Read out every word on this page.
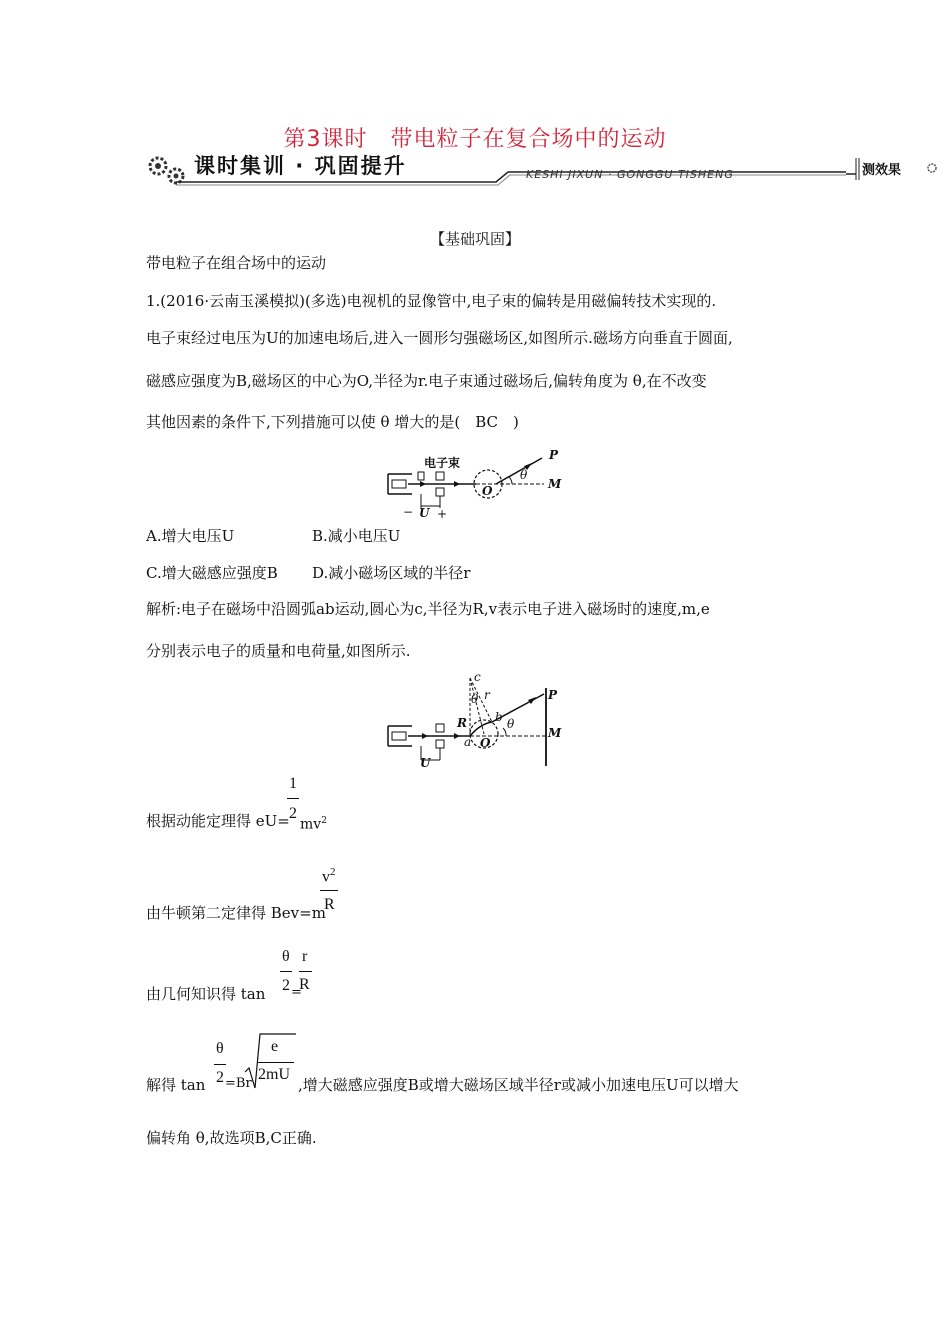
第3课时　带电粒子在复合场中的运动
课时集训 · 巩固提升	KESHI JIXUN · GONGGU TISHENG	测效果
【基础巩固】
带电粒子在组合场中的运动
1.(2016·云南玉溪模拟)(多选)电视机的显像管中,电子束的偏转是用磁偏转技术实现的.
电子束经过电压为U的加速电场后,进入一圆形匀强磁场区,如图所示.磁场方向垂直于圆面,
磁感应强度为B,磁场区的中心为O,半径为r.电子束通过磁场后,偏转角度为 θ,在不改变
其他因素的条件下,下列措施可以使 θ 增大的是(　BC　)
电子束
P
M
O
θ
U
− +
A.增大电压U	B.减小电压U
C.增大磁感应强度B D.减小磁场区域的半径r
解析:电子在磁场中沿圆弧ab运动,圆心为c,半径为R,v表示电子进入磁场时的速度,m,e
分别表示电子的质量和电荷量,如图所示.
c
r
θ
R b
a O
θ
P
M
U
根据动能定理得 eU=
1
2
$mv^2$
由牛顿第二定律得 Bev=m
$v^2$
R
由几何知识得 tan
θ
2 =
r
R
解得 tan
θ
2 =Br
e
2mU
,增大磁感应强度B或增大磁场区域半径r或减小加速电压U可以增大
偏转角 θ,故选项B,C正确.
